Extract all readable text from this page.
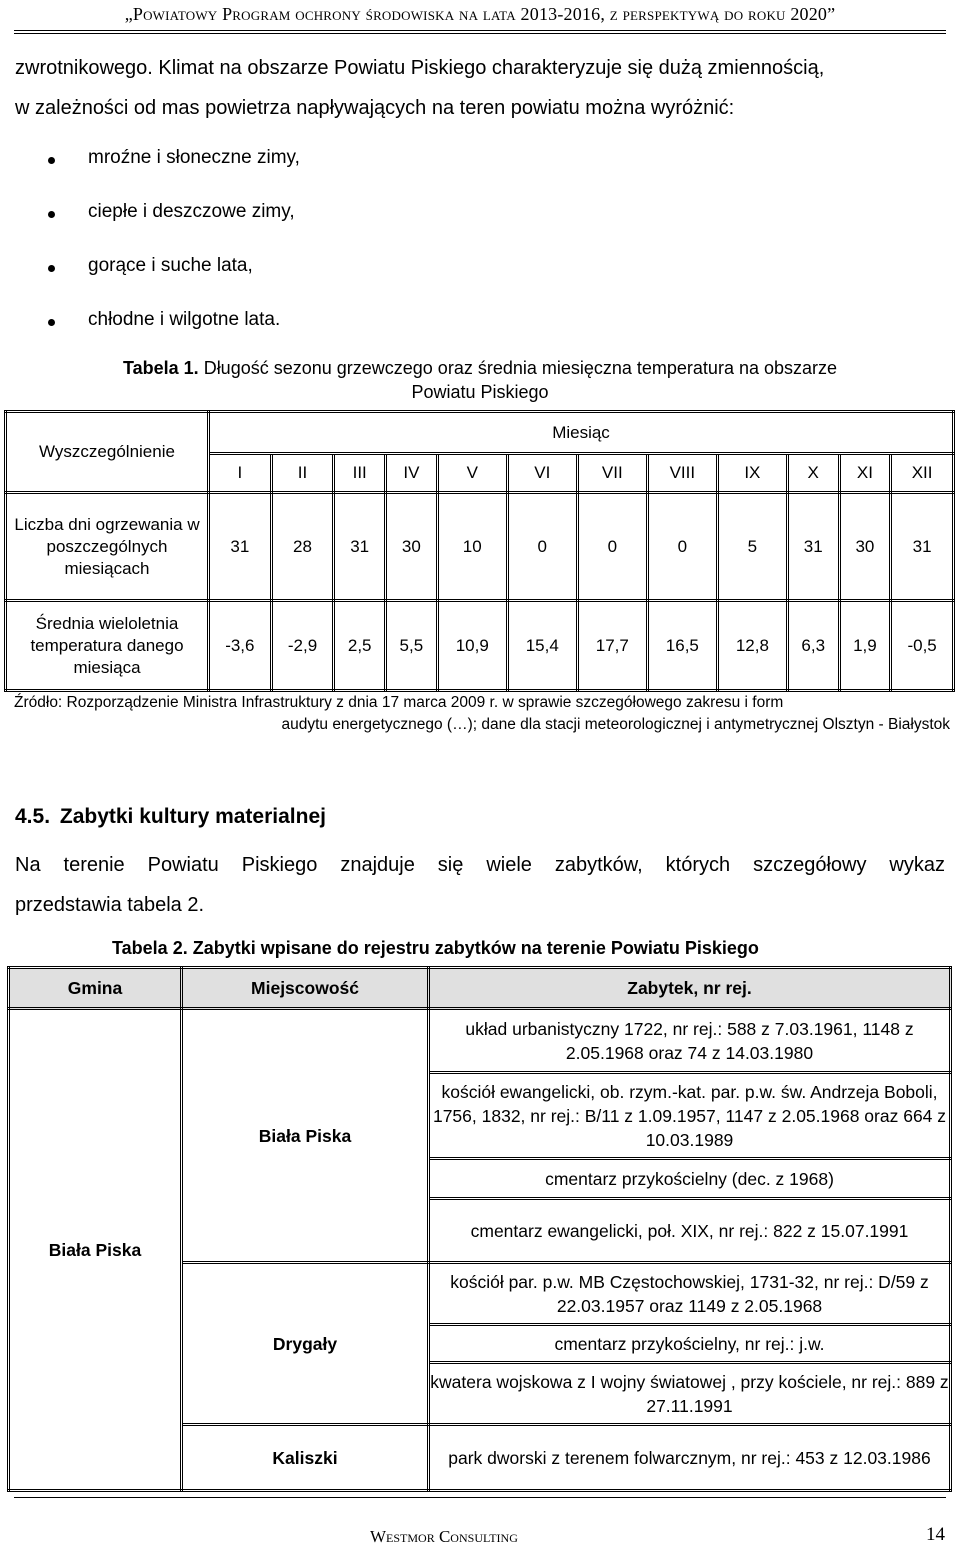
„Powiatowy Program ochrony środowiska na lata 2013-2016, z perspektywą do roku 2020”
zwrotnikowego. Klimat na obszarze Powiatu Piskiego charakteryzuje się dużą zmiennością,
w zależności od mas powietrza napływających na teren powiatu można wyróżnić:
mroźne i słoneczne zimy,
ciepłe i deszczowe zimy,
gorące i suche lata,
chłodne i wilgotne lata.
Tabela 1. Długość sezonu grzewczego oraz średnia miesięczna temperatura na obszarze
Powiatu Piskiego
Wyszczególnienie	Miesiąc											
	I	II	III	IV	V	VI	VII	VIII	IX	X	XI	XII
Liczba dni ogrzewania w poszczególnych miesiącach	31	28	31	30	10	0	0	0	5	31	30	31
Średnia wieloletnia temperatura danego miesiąca	-3,6	-2,9	2,5	5,5	10,9	15,4	17,7	16,5	12,8	6,3	1,9	-0,5
Źródło: Rozporządzenie Ministra Infrastruktury z dnia 17 marca 2009 r. w sprawie szczegółowego zakresu i form
audytu energetycznego (…); dane dla stacji meteorologicznej i antymetrycznej Olsztyn - Białystok
4.5. Zabytki kultury materialnej
Na terenie Powiatu Piskiego znajduje się wiele zabytków, których szczegółowy wykaz
przedstawia tabela 2.
Tabela 2. Zabytki wpisane do rejestru zabytków na terenie Powiatu Piskiego
Gmina	Miejscowość	Zabytek, nr rej.
Biała Piska	Biała Piska	układ urbanistyczny 1722, nr rej.: 588 z 7.03.1961, 1148 z 2.05.1968 oraz 74 z 14.03.1980
		kościół ewangelicki, ob. rzym.-kat. par. p.w. św. Andrzeja Boboli, 1756, 1832, nr rej.: B/11 z 1.09.1957, 1147 z 2.05.1968 oraz 664 z 10.03.1989
		cmentarz przykościelny (dec. z 1968)
		cmentarz ewangelicki, poł. XIX, nr rej.: 822 z 15.07.1991
	Drygały	kościół par. p.w. MB Częstochowskiej, 1731-32, nr rej.: D/59 z 22.03.1957 oraz 1149 z 2.05.1968
		cmentarz przykościelny, nr rej.: j.w.
		kwatera wojskowa z I wojny światowej , przy kościele, nr rej.: 889 z 27.11.1991
	Kaliszki	park dworski z terenem folwarcznym, nr rej.: 453 z 12.03.1986
Westmor Consulting	14
